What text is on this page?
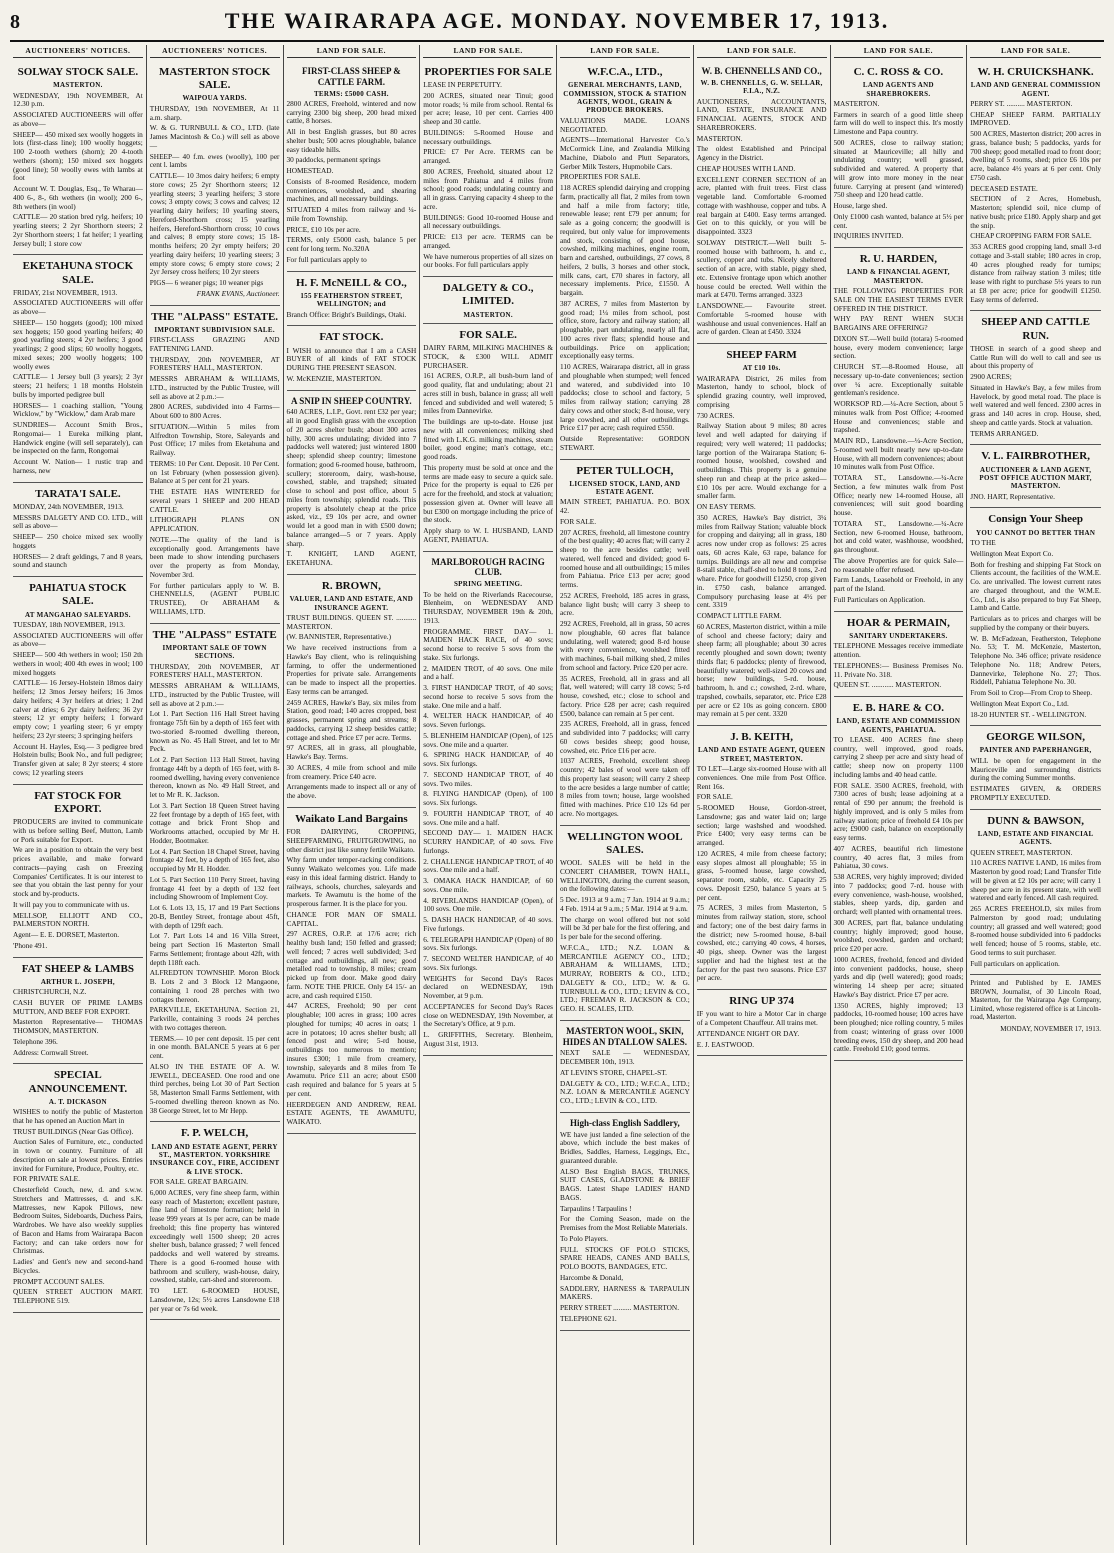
8	THE WAIRARAPA AGE. MONDAY. NOVEMBER 17, 1913.
AUCTIONEERS' NOTICES.
SOLWAY STOCK SALE.
MASTERTON.

WEDNESDAY, 19th NOVEMBER, At 12.30 p.m.

ASSOCIATED AUCTIONEERS will offer as above—

SHEEP— 450 mixed sex woolly hoggets in lots (first-class line); 100 woolly hoggets; 100 2-tooth wethers (shorn); 20 4-tooth wethers (shorn); 150 mixed sex hoggets (good line); 50 woolly ewes with lambs at foot

Account W. T. Douglas, Esq., Te Wharau— 400 6-, 8-, 6th wethers (in wool); 200 6-, 8th wethers (in wool)

CATTLE— 20 station bred rylg. heifers; 10 yearling steers; 2 2yr Shorthorn steers; 2 2yr Shorthorn steers; 1 fat heifer; 1 yearling Jersey bull; 1 store cow

EKETAHUNA STOCK SALE.

FRIDAY, 21st NOVEMBER, 1913.

ASSOCIATED AUCTIONEERS will offer as above—

SHEEP— 150 hoggets (good); 100 mixed sex hoggets; 150 good yearling heifers; 40 good yearling steers; 4 2yr heifers; 3 good yearlings; 2 good slips; 60 woolly hoggets, mixed sexes; 200 woolly hoggets; 100 woolly ewes

CATTLE— 1 Jersey bull (3 years); 2 3yr steers; 21 heifers; 1 18 months Holstein bulls by imported pedigree bull

HORSES— 1 coaching stallion, "Young Wicklow," by "Wicklow," dam Arab mare

SUNDRIES— Account Smith Bros., Rongomai— 1 Eureka milking plant, Handwick engine (will sell separately), can be inspected on the farm, Rongomai

Account W. Nation— 1 rustic trap and harness, new

TARATA'I SALE.

MONDAY, 24th NOVEMBER, 1913.

MESSRS DALGETY AND CO. LTD., will sell as above—

SHEEP— 250 choice mixed sex woolly hoggets

HORSES— 2 draft geldings, 7 and 8 years, sound and staunch

PAHIATUA STOCK SALE.
AT MANGAHAO SALEYARDS.

TUESDAY, 18th NOVEMBER, 1913.

ASSOCIATED AUCTIONEERS will offer as above—

SHEEP— 500 4th wethers in wool; 150 2th wethers in wool; 400 4th ewes in wool; 100 mixed hoggets

CATTLE— 16 Jersey-Holstein 18mos dairy heifers; 12 3mos Jersey heifers; 16 3mos dairy heifers; 4 3yr heifers at dries; 1 2nd calver at dries; 6 2yr dairy heifers; 36 2yr steers; 12 yr empty heifers; 1 forward empty cow; 1 yearling steer; 6 yr empty heifers; 23 2yr steers; 3 springing heifers

Account H. Hayles, Esq.— 3 pedigree bred Holstein bulls; Book No., and full pedigree; Transfer given at sale; 8 2yr steers; 4 store cows; 12 yearling steers

FAT STOCK FOR EXPORT.

PRODUCERS are invited to communicate with us before selling Beef, Mutton, Lamb or Pork suitable for Export.

We are in a position to obtain the very best prices available, and make forward contracts—paying cash on Freezing Companies' Certificates. It is our interest to see that you obtain the last penny for your stock and by-products.

It will pay you to communicate with us.

MELLSOP, ELLIOTT AND CO., PALMERSTON NORTH.

Agent— E. E. DORSET, Masterton.

'Phone 491.

FAT SHEEP & LAMBS
ARTHUR L. JOSEPH,

CHRISTCHURCH, N.Z.

CASH BUYER OF PRIME LAMBS MUTTON, AND BEEF FOR EXPORT.

Masterton Representative— THOMAS THOMSON, MASTERTON.

Telephone 396.

Address: Cornwall Street.

SPECIAL ANNOUNCEMENT.
A. T. DICKASON

WISHES to notify the public of Masterton that he has opened an Auction Mart in

TRUST BUILDINGS (Near Gas Office).

Auction Sales of Furniture, etc., conducted in town or country. Furniture of all description on sale at lowest prices. Entries invited for Furniture, Produce, Poultry, etc.

FOR PRIVATE SALE.

Chesterfield Couch, new, d. and s.w.w. Stretchers and Mattresses, d. and s.K. Mattresses, new Kapok Pillows, new Bedroom Suites, Sideboards, Duchess Pairs, Wardrobes. We have also weekly supplies of Bacon and Hams from Wairarapa Bacon Factory; and can take orders now for Christmas.

Ladies' and Gent's new and second-hand Bicycles.

PROMPT ACCOUNT SALES.

QUEEN STREET AUCTION MART. TELEPHONE 519.

AUCTIONEERS' NOTICES.
MASTERTON STOCK SALE.
WAIPOUA YARDS.

THURSDAY, 19th NOVEMBER, At 11 a.m. sharp.

W. & G. TURNBULL & CO., LTD. (late James Macintosh & Co.) will sell as above—

SHEEP— 40 f.m. ewes (woolly), 100 per cent l. lambs

CATTLE— 10 3mos dairy heifers; 6 empty store cows; 25 2yr Shorthorn steers; 12 yearling steers; 3 yearling heifers; 3 store cows; 3 empty cows; 3 cows and calves; 12 yearling dairy heifers; 10 yearling steers, Hereford-Shorthorn cross; 15 yearling heifers, Hereford-Shorthorn cross; 10 cows and calves; 8 empty store cows; 15 18-months heifers; 20 2yr empty heifers; 20 yearling dairy heifers; 10 yearling steers; 3 empty store cows; 6 empty store cows; 2 2yr Jersey cross heifers; 10 2yr steers

PIGS— 6 weaner pigs; 10 weaner pigs

FRANK EVANS, Auctioneer.

THE "ALPASS" ESTATE.
IMPORTANT SUBDIVISION SALE.

FIRST-CLASS GRAZING AND FATTENING LAND.

THURSDAY, 20th NOVEMBER, AT FORESTERS' HALL, MASTERTON.

MESSRS ABRAHAM & WILLIAMS, LTD., instructed by the Public Trustee, will sell as above at 2 p.m.:—

2800 ACRES, subdivided into 4 Farms—About 600 to 800 Acres.

SITUATION.—Within 5 miles from Alfredton Township, Store, Saleyards and Post Office; 17 miles from Eketahuna and Railway.

TERMS: 10 Per Cent. Deposit. 10 Per Cent. on 1st February (when possession given). Balance at 5 per cent for 21 years.

THE ESTATE HAS WINTERED for several years 1 SHEEP and 200 HEAD CATTLE.

LITHOGRAPH PLANS ON APPLICATION.

NOTE.—The quality of the land is exceptionally good. Arrangements have been made to show intending purchasers over the property as from Monday, November 3rd.

For further particulars apply to W. B. CHENNELLS, (AGENT PUBLIC TRUSTEE), Or ABRAHAM & WILLIAMS, LTD.

THE "ALPASS" ESTATE
IMPORTANT SALE OF TOWN SECTIONS.

THURSDAY, 20th NOVEMBER, AT FORESTERS' HALL, MASTERTON.

MESSRS ABRAHAM & WILLIAMS, LTD., instructed by the Public Trustee, will sell as above at 2 p.m.:—

Lot 1. Part Section 116 Hall Street having frontage 75ft 6in by a depth of 165 feet with two-storied 8-roomed dwelling thereon, known as No. 45 Hall Street, and let to Mr Peck.

Lot 2. Part Section 113 Hall Street, having frontage 44ft by a depth of 165 feet, with 8-roomed dwelling, having every convenience thereon, known as No. 49 Hall Street, and let to Mr R. K. Jackson.

Lot 3. Part Section 18 Queen Street having 22 feet frontage by a depth of 165 feet, with cottage and brick Front Shop and Workrooms attached, occupied by Mr H. Hodder, Bootmaker.

Lot 4. Part Section 18 Chapel Street, having frontage 42 feet, by a depth of 165 feet, also occupied by Mr H. Hodder.

Lot 5. Part Section 110 Perry Street, having frontage 41 feet by a depth of 132 feet including Showroom of Implement Coy.

Lot 6. Lots 13, 15, 17 and 19 Part Sections 20-B, Bentley Street, frontage about 45ft, with depth of 129ft each.

Lot 7. Part Lots 14 and 16 Villa Street, being part Section 16 Masterton Small Farms Settlement; frontage about 42ft, with depth 118ft each.

ALFREDTON TOWNSHIP. Moron Block B. Lots 2 and 3 Block 12 Mangaone, containing 1 rood 28 perches with two cottages thereon.

PARKVILLE, EKETAHUNA. Section 21, Parkville, containing 3 roods 24 perches with two cottages thereon.

TERMS.— 10 per cent deposit. 15 per cent in one month. BALANCE 5 years at 6 per cent.

ALSO IN THE ESTATE OF A. W. JEWELL, DECEASED. One rood and one third perches, being Lot 30 of Part Section 58, Masterton Small Farms Settlement, with 5-roomed dwelling thereon known as No. 38 George Street, let to Mr Hepp.

F. P. WELCH,
LAND AND ESTATE AGENT, PERRY ST., MASTERTON. YORKSHIRE INSURANCE COY., FIRE, ACCIDENT & LIVE STOCK.

FOR SALE. GREAT BARGAIN.

6,000 ACRES, very fine sheep farm, within easy reach of Masterton; excellent pasture, fine land of limestone formation; held in lease 999 years at 1s per acre, can be made freehold; this fine property has wintered exceedingly well 1500 sheep; 20 acres shelter bush, balance grassed; 7 well fenced paddocks and well watered by streams. There is a good 6-roomed house with bathroom and scullery, wash-house, dairy, cowshed, stable, cart-shed and storeroom.

TO LET. 6-ROOMED HOUSE, Lansdowne, 12s; 5½ acres Lansdowne £18 per year or 7s 6d week.

LAND FOR SALE.
FIRST-CLASS SHEEP & CATTLE FARM.
TERMS: £5000 CASH.

2800 ACRES, Freehold, wintered and now carrying 2300 big sheep, 200 head mixed cattle, 8 horses.

All in best English grasses, but 80 acres shelter bush; 500 acres ploughable, balance easy tideable hills.

30 paddocks, permanent springs

HOMESTEAD.

Consists of 8-roomed Residence, modern conveniences, woolshed, and shearing machines, and all necessary buildings.

SITUATED 4 miles from railway and ¼-mile from Township.

PRICE, £10 10s per acre.

TERMS, only £5000 cash, balance 5 per cent for long term. No.320A

For full particulars apply to

H. F. McNEILL & CO.,
155 FEATHERSTON STREET, WELLINGTON; and

Branch Office: Bright's Buildings, Otaki.

FAT STOCK.

I WISH to announce that I am a CASH BUYER of all kinds of FAT STOCK DURING THE PRESENT SEASON.

W. McKENZIE, MASTERTON.

A SNIP IN SHEEP COUNTRY.

640 ACRES, L.I.P., Govt. rent £32 per year; all in good English grass with the exception of 20 acres shelter bush; about 300 acres hilly, 300 acres undulating; divided into 7 paddocks well watered; just wintered 1800 sheep; splendid sheep country; limestone formation; good 6-roomed house, bathroom, scullery; storeroom, dairy, wash-house, cowshed, stable, and trapshed; situated close to school and post office, about 5 miles from township; splendid roads. This property is absolutely cheap at the price asked, viz., £9 10s per acre, and owner would let a good man in with £500 down; balance arranged—5 or 7 years. Apply sharp.

T. KNIGHT, LAND AGENT, EKETAHUNA.

R. BROWN,
VALUER, LAND AND ESTATE, AND INSURANCE AGENT.

TRUST BUILDINGS. QUEEN ST. ........... MASTERTON.

(W. BANNISTER, Representative.)

We have received instructions from a Hawke's Bay client, who is relinquishing farming, to offer the undermentioned Properties for private sale. Arrangements can be made to inspect all the properties. Easy terms can be arranged.

2459 ACRES, Hawke's Bay, six miles from Station, good road; 140 acres cropped, best grasses, permanent spring and streams; 8 paddocks, carrying 12 sheep besides cattle; cottage and shed. Price £7 per acre. Terms.

97 ACRES, all in grass, all ploughable, Hawke's Bay. Terms.

30 ACRES, 4 mile from school and mile from creamery. Price £40 acre.

Arrangements made to inspect all or any of the above.

Waikato Land Bargains

FOR DAIRYING, CROPPING, SHEEPFARMING, FRUITGROWING, no other district just like sunny fertile Waikato.

Why farm under temper-racking conditions. Sunny Waikato welcomes you. Life made easy in this ideal farming district. Handy to railways, schools, churches, saleyards and markets. Te Awamutu is the home of the prosperous farmer. It is the place for you.

CHANCE FOR MAN OF SMALL CAPITAL.

297 ACRES, O.R.P. at 17/6 acre; rich healthy bush land; 150 felled and grassed; well fenced; 7 acres well subdivided; 3-rd cottage and outbuildings, all new; good metalled road to township, 8 miles; cream picked up from door. Make good dairy farm. NOTE THE PRICE. Only £4 15/- an acre, and cash required £150.

447 ACRES, Freehold; 90 per cent ploughable; 100 acres in grass; 100 acres ploughed for turnips; 40 acres in oats; 1 acre in potatoes; 10 acres shelter bush; all fenced post and wire; 5-rd house, outbuildings too numerous to mention; insures £300; 1 mile from creamery, township, saleyards and 8 miles from Te Awamutu. Price £11 an acre; about £500 cash required and balance for 5 years at 5 per cent.

HEERDEGEN AND ANDREW, REAL ESTATE AGENTS, TE AWAMUTU, WAIKATO.

LAND FOR SALE.
PROPERTIES FOR SALE

LEASE IN PERPETUITY.

200 ACRES, situated near Tinui; good motor roads; ¼ mile from school. Rental 6s per acre; lease, 10 per cent. Carries 400 sheep and 30 cattle.

BUILDINGS: 5-Roomed House and necessary outbuildings.

PRICE: £7 Per Acre. TERMS can be arranged.

800 ACRES, Freehold, situated about 12 miles from Pahiatua and 4 miles from school; good roads; undulating country and all in grass. Carrying capacity 4 sheep to the acre.

BUILDINGS: Good 10-roomed House and all necessary outbuildings.

PRICE: £13 per acre. TERMS can be arranged.

We have numerous properties of all sizes on our books. For full particulars apply

DALGETY & CO., LIMITED.
MASTERTON.
FOR SALE.

DAIRY FARM, MILKING MACHINES & STOCK, & £300 WILL ADMIT PURCHASER.

161 ACRES, O.R.P., all bush-burn land of good quality, flat and undulating; about 21 acres still in bush, balance in grass; all well fenced and subdivided and well watered; 5 miles from Dannevirke.

The buildings are up-to-date. House just new with all conveniences; milking shed fitted with L.K.G. milking machines, steam boiler, good engine; man's cottage, etc.; good roads.

This property must be sold at once and the terms are made easy to secure a quick sale. Price for the property is equal to £26 per acre for the freehold, and stock at valuation; possession given at. Owner will leave all but £300 on mortgage including the price of the stock.

Apply sharp to W. I. HUSBAND, LAND AGENT, PAHIATUA.

MARLBOROUGH RACING CLUB.
SPRING MEETING.

To be held on the Riverlands Racecourse, Blenheim, on WEDNESDAY AND THURSDAY, NOVEMBER 19th & 20th, 1913.

PROGRAMME. FIRST DAY— 1. MAIDEN HACK RACE, of 40 sovs; second horse to receive 5 sovs from the stake. Six furlongs.

2. MAIDEN TROT, of 40 sovs. One mile and a half.

3. FIRST HANDICAP TROT, of 40 sovs; second horse to receive 5 sovs from the stake. One mile and a half.

4. WELTER HACK HANDICAP, of 40 sovs. Seven furlongs.

5. BLENHEIM HANDICAP (Open), of 125 sovs. One mile and a quarter.

6. SPRING HACK HANDICAP, of 40 sovs. Six furlongs.

7. SECOND HANDICAP TROT, of 40 sovs. Two miles.

8. FLYING HANDICAP (Open), of 100 sovs. Six furlongs.

9. FOURTH HANDICAP TROT, of 40 sovs. One mile and a half.

SECOND DAY— 1. MAIDEN HACK SCURRY HANDICAP, of 40 sovs. Five furlongs.

2. CHALLENGE HANDICAP TROT, of 40 sovs. One mile and a half.

3. OMAKA HACK HANDICAP, of 60 sovs. One mile.

4. RIVERLANDS HANDICAP (Open), of 100 sovs. One mile.

5. DASH HACK HANDICAP, of 40 sovs. Five furlongs.

6. TELEGRAPH HANDICAP (Open) of 80 sovs. Six furlongs.

7. SECOND WELTER HANDICAP, of 40 sovs. Six furlongs.

WEIGHTS for Second Day's Races declared on WEDNESDAY, 19th November, at 9 p.m.

ACCEPTANCES for Second Day's Races close on WEDNESDAY, 19th November, at the Secretary's Office, at 9 p.m.

L. GRIFFITHS, Secretary. Blenheim, August 31st, 1913.

LAND FOR SALE.
W.F.C.A., LTD.,
GENERAL MERCHANTS, LAND, COMMISSION, STOCK & STATION AGENTS, WOOL, GRAIN & PRODUCE BROKERS.

VALUATIONS MADE. LOANS NEGOTIATED.

AGENTS—International Harvester Co.'s McCormick Line, and Zealandia Milking Machine, Diabolo and Plutt Separators, Gerber Milk Testers, Hupmobile Cars.

PROPERTIES FOR SALE.

118 ACRES splendid dairying and cropping farm, practically all flat, 2 miles from town and half a mile from factory; title, renewable lease; rent £79 per annum; for sale as a going concern; the goodwill is required, but only value for improvements and stock, consisting of good house, cowshed, milking machines, engine room, barn and cartshed, outbuildings, 27 cows, 8 heifers, 2 bulls, 3 horses and other stock, milk cans, cart, £70 shares in factory, all necessary implements. Price, £1550. A bargain.

387 ACRES, 7 miles from Masterton by good road; 1¼ miles from school, post office, store, factory and railway station; all ploughable, part undulating, nearly all flat, 100 acres river flats; splendid house and outbuildings. Price on application; exceptionally easy terms.

110 ACRES, Wairarapa district, all in grass and ploughable when stumped; well fenced and watered, and subdivided into 10 paddocks; close to school and factory, 5 miles from railway station; carrying 28 dairy cows and other stock; 8-rd house, very large cowshed, and all other outbuildings. Price £17 per acre; cash required £550.

Outside Representative: GORDON STEWART.

PETER TULLOCH,
LICENSED STOCK, LAND, AND ESTATE AGENT.

MAIN STREET, PAHIATUA. P.O. BOX 42.

FOR SALE.

207 ACRES, freehold, all limestone country of the best quality; 40 acres flat; will carry 2 sheep to the acre besides cattle; well watered, well fenced and divided; good 6-roomed house and all outbuildings; 15 miles from Pahiatua. Price £13 per acre; good terms.

252 ACRES, Freehold, 185 acres in grass, balance light bush; will carry 3 sheep to acre.

292 ACRES, Freehold, all in grass, 50 acres now ploughable, 60 acres flat balance undulating, well watered; good 8-rd house with every convenience, woolshed fitted with machines, 6-bail milking shed, 2 miles from school and factory. Price £20 per acre.

35 ACRES, Freehold, all in grass and all flat, well watered; will carry 18 cows; 5-rd house, cowshed, etc.; close to school and factory. Price £28 per acre; cash required £500, balance can remain at 5 per cent.

235 ACRES, Freehold, all in grass, fenced and subdivided into 7 paddocks; will carry 60 cows besides sheep; good house, cowshed, etc. Price £16 per acre.

1037 ACRES, Freehold, excellent sheep country; 42 bales of wool were taken off this property last season; will carry 2 sheep to the acre besides a large number of cattle; 8 miles from town; house, large woolshed fitted with machines. Price £10 12s 6d per acre. No mortgages.

WELLINGTON WOOL SALES.

WOOL SALES will be held in the CONCERT CHAMBER, TOWN HALL, WELLINGTON, during the current season, on the following dates:—

5 Dec. 1913 at 9 a.m.; 7 Jan. 1914 at 9 a.m.; 4 Feb. 1914 at 9 a.m.; 5 Mar. 1914 at 9 a.m.

The charge on wool offered but not sold will be 3d per bale for the first offering, and 1s per bale for the second offering.

W.F.C.A., LTD.; N.Z. LOAN & MERCANTILE AGENCY CO., LTD.; ABRAHAM & WILLIAMS, LTD.; MURRAY, ROBERTS & CO., LTD.; DALGETY & CO., LTD.; W. & G. TURNBULL & CO., LTD.; LEVIN & CO., LTD.; FREEMAN R. JACKSON & CO.; GEO. H. SCALES, LTD.

MASTERTON WOOL, SKIN, HIDES AN DTALLOW SALES.

NEXT SALE — WEDNESDAY, DECEMBER 10th, 1913.

AT LEVIN'S STORE, CHAPEL-ST.

DALGETY & CO., LTD.; W.F.C.A., LTD.; N.Z. LOAN & MERCANTILE AGENCY CO., LTD.; LEVIN & CO., LTD.

High-class English Saddlery,

WE have just landed a fine selection of the above, which include the best makes of Bridles, Saddles, Harness, Leggings, Etc., guaranteed durable.

ALSO Best English BAGS, TRUNKS, SUIT CASES, GLADSTONE & BRIEF BAGS. Latest Shape LADIES' HAND BAGS.

Tarpaulins ! Tarpaulins !

For the Coming Season, made on the Premises from the Most Reliable Materials.

To Polo Players.

FULL STOCKS OF POLO STICKS, SPARE HEADS, CANES AND BALLS, POLO BOOTS, BANDAGES, ETC.

Harcombe & Donald,

SADDLERY, HARNESS & TARPAULIN MAKERS.

PERRY STREET .......... MASTERTON.

TELEPHONE 621.

LAND FOR SALE.
W. B. CHENNELLS AND CO.,
W. B. CHENNELLS, G. W. SELLAR, F.I.A., N.Z.

AUCTIONEERS, ACCOUNTANTS, LAND, ESTATE, INSURANCE AND FINANCIAL AGENTS, STOCK AND SHAREBROKERS.

MASTERTON.

The oldest Established and Principal Agency in the District.

CHEAP HOUSES WITH LAND.

EXCELLENT CORNER SECTION of an acre, planted with fruit trees. First class vegetable land. Comfortable 6-roomed cottage with washhouse, copper and tubs. A real bargain at £400. Easy terms arranged. Get on to this quickly, or you will be disappointed. 3323

SOLWAY DISTRICT.—Well built 5-roomed house with bathroom, h. and c., scullery, copper and tubs. Nicely sheltered section of an acre, with stable, piggy shed, etc. Extensive frontage upon which another house could be erected. Well within the mark at £470. Terms arranged. 3323

LANSDOWNE.— Favourite street. Comfortable 5-roomed house with washhouse and usual conveniences. Half an acre of garden. Clean at £450. 3324

SHEEP FARM
AT £10 10s.

WAIRARAPA District, 26 miles from Masterton, handy to school, block of splendid grazing country, well improved, comprising

730 ACRES.

Railway Station about 9 miles; 80 acres level and well adapted for dairying if required; very well watered; 11 paddocks; large portion of the Wairarapa Station; 6-roomed house, woolshed, cowshed and outbuildings. This property is a genuine sheep run and cheap at the price asked—£10 10s per acre. Would exchange for a smaller farm.

ON EASY TERMS.

350 ACRES, Hawke's Bay district, 3¼ miles from Railway Station; valuable block for cropping and dairying; all in grass, 180 acres now under crop as follows: 25 acres oats, 60 acres Kale, 63 rape, balance for turnips. Buildings are all new and comprise 8-stall stable, chaff-shed to hold 8 tons, 2-rd whare. Price for goodwill £1250, crop given in. £750 cash, balance arranged. Compulsory purchasing lease at 4½ per cent. 3319

COMPACT LITTLE FARM.

60 ACRES, Masterton district, within a mile of school and cheese factory; dairy and sheep farm; all ploughable; about 30 acres recently ploughed and sown down; twenty thirds flat; 6 paddocks; plenty of firewood, beautifully watered; well-sized 20 cows and horse; new buildings, 5-rd. house, bathroom, h. and c.; cowshed, 2-rd. whare, trapshed, cowbails, separator, etc. Price £28 per acre or £2 10s as going concern. £800 may remain at 5 per cent. 3320

J. B. KEITH,
LAND AND ESTATE AGENT, QUEEN STREET, MASTERTON.

TO LET—Large six-roomed House with all conveniences. One mile from Post Office. Rent 16s.

FOR SALE.

5-ROOMED House, Gordon-street, Lansdowne; gas and water laid on; large section; large washshed and woodshed. Price £400; very easy terms can be arranged.

120 ACRES, 4 mile from cheese factory; easy slopes almost all ploughable; 55 in grass, 5-roomed house, large cowshed, separator room, stable, etc. Capacity 25 cows. Deposit £250, balance 5 years at 5 per cent.

75 ACRES, 3 miles from Masterton, 5 minutes from railway station, store, school and factory; one of the best dairy farms in the district; new 5-roomed house, 8-bail cowshed, etc.; carrying 40 cows, 4 horses, 40 pigs, sheep. Owner was the largest supplier and had the highest test at the factory for the past two seasons. Price £37 per acre.

RING UP 374

IF you want to hire a Motor Car in charge of a Competent Chauffeur. All trains met.

ATTENDANCE NIGHT OR DAY.

E. J. EASTWOOD.

LAND FOR SALE.
C. C. ROSS & CO.
LAND AGENTS AND SHAREBROKERS.

MASTERTON.

Farmers in search of a good little sheep farm will do well to inspect this. It's mostly Limestone and Papa country.

500 ACRES, close to railway station; situated at Mauriceville; all hilly and undulating country; well grassed, subdivided and watered. A property that will grow into more money in the near future. Carrying at present (and wintered) 750 sheep and 120 head cattle.

House, large shed.

Only £1000 cash wanted, balance at 5½ per cent.

INQUIRIES INVITED.

R. U. HARDEN,
LAND & FINANCIAL AGENT, MASTERTON.

THE FOLLOWING PROPERTIES FOR SALE ON THE EASIEST TERMS EVER OFFERED IN THE DISTRICT.

WHY PAY RENT WHEN SUCH BARGAINS ARE OFFERING?

DIXON ST.—Well build (totara) 5-roomed house, every modern convenience; large section.

CHURCH ST.—8-Roomed House, all necessary up-to-date conveniences; section over ¼ acre. Exceptionally suitable gentleman's residence.

WORKSOP RD.—¼-Acre Section, about 5 minutes walk from Post Office; 4-roomed House and conveniences; stable and trapshed.

MAIN RD., Lansdowne.—¼-Acre Section, 5-roomed well built nearly new up-to-date House, with all modern conveniences; about 10 minutes walk from Post Office.

TOTARA ST., Lansdowne.—¼-Acre Section, a few minutes walk from Post Office; nearly new 14-roomed House, all conveniences; will suit good boarding house.

TOTARA ST., Lansdowne.—¼-Acre Section, new 6-roomed House, bathroom, hot and cold water, washhouse, woodshed, gas throughout.

The above Properties are for quick Sale—no reasonable offer refused.

Farm Lands, Leasehold or Freehold, in any part of the Island.

Full Particulars on Application.

HOAR & PERMAIN,
SANITARY UNDERTAKERS.

TELEPHONE Messages receive immediate attention.

TELEPHONES:— Business Premises No. 11. Private No. 318.

QUEEN ST. ............ MASTERTON.

E. B. HARE & CO.
LAND, ESTATE AND COMMISSION AGENTS, PAHIATUA.

TO LEASE. 400 ACRES fine sheep country, well improved, good roads, carrying 2 sheep per acre and sixty head of cattle; sheep now on property 1100 including lambs and 40 head cattle.

FOR SALE. 3500 ACRES, freehold, with 7300 acres of bush; lease adjoining at a rental of £90 per annum; the freehold is highly improved, and is only 5 miles from railway station; price of freehold £4 10s per acre; £9000 cash, balance on exceptionally easy terms.

407 ACRES, beautiful rich limestone country, 40 acres flat, 3 miles from Pahiatua, 30 cows.

538 ACRES, very highly improved; divided into 7 paddocks; good 7-rd. house with every convenience, wash-house, woolshed, stables, sheep yards, dip, garden and orchard; well planted with ornamental trees.

300 ACRES, part flat, balance undulating country; highly improved; good house, woolshed, cowshed, garden and orchard; price £20 per acre.

1000 ACRES, freehold, fenced and divided into convenient paddocks, house, sheep yards and dip (well watered); good roads; wintering 14 sheep per acre; situated Hawke's Bay district. Price £7 per acre.

1350 ACRES, highly improved; 13 paddocks, 10-roomed house; 100 acres have been ploughed; nice rolling country, 5 miles from coast; wintering of grass over 1000 breeding ewes, 150 dry sheep, and 200 head cattle. Freehold £10; good terms.

LAND FOR SALE.
W. H. CRUICKSHANK.
LAND AND GENERAL COMMISSION AGENT.

PERRY ST. .......... MASTERTON.

CHEAP SHEEP FARM. PARTIALLY IMPROVED.

500 ACRES, Masterton district; 200 acres in grass, balance bush; 5 paddocks, yards for 700 sheep; good metalled road to front door; dwelling of 5 rooms, shed; price £6 10s per acre, balance 4½ years at 6 per cent. Only £750 cash.

DECEASED ESTATE.

SECTION of 2 Acres, Homebush, Masterton; splendid soil, nice clump of native bush; price £180. Apply sharp and get the snip.

CHEAP CROPPING FARM FOR SALE.

353 ACRES good cropping land, small 3-rd cottage and 3-stall stable; 180 acres in crop, 40 acres ploughed ready for turnips; distance from railway station 3 miles; title lease with right to purchase 5½ years to run at £8 per acre; price for goodwill £1250. Easy terms of deferred.

SHEEP AND CATTLE RUN.

THOSE in search of a good sheep and Cattle Run will do well to call and see us about this property of

2900 ACRES;

Situated in Hawke's Bay, a few miles from Havelock, by good metal road. The place is well watered and well fenced. 2300 acres in grass and 140 acres in crop. House, shed, sheep and cattle yards. Stock at valuation.

TERMS ARRANGED.

V. L. FAIRBROTHER,
AUCTIONEER & LAND AGENT, POST OFFICE AUCTION MART, MASTERTON.

JNO. HART, Representative.

Consign Your Sheep
YOU CANNOT DO BETTER THAN

TO THE

Wellington Meat Export Co.

Both for freshing and shipping Fat Stock on Clients account, the facilities of the W.M.E. Co. are unrivalled. The lowest current rates are charged throughout, and the W.M.E. Co., Ltd., is also prepared to buy Fat Sheep, Lamb and Cattle.

Particulars as to prices and charges will be supplied by the company or their buyers.

W. B. McFadzean, Featherston, Telephone No. 53; T. M. McKenzie, Masterton, Telephone No. 346 office; private residence Telephone No. 118; Andrew Peters, Dannevirke, Telephone No. 27; Thos. Riddell, Pahiatua Telephone No. 30.

From Soil to Crop—From Crop to Sheep.

Wellington Meat Export Co., Ltd.

18-20 HUNTER ST. - WELLINGTON.

GEORGE WILSON,
PAINTER AND PAPERHANGER,

WILL be open for engagement in the Mauriceville and surrounding districts during the coming Summer months.

ESTIMATES GIVEN, & ORDERS PROMPTLY EXECUTED.

DUNN & BAWSON,
LAND, ESTATE AND FINANCIAL AGENTS.

QUEEN STREET, MASTERTON.

110 ACRES NATIVE LAND, 16 miles from Masterton by good road; Land Transfer Title will be given at £2 10s per acre; will carry 1 sheep per acre in its present state, with well watered and early fenced. All cash required.

265 ACRES FREEHOLD, six miles from Palmerston by good road; undulating country; all grassed and well watered; good 8-roomed house subdivided into 6 paddocks well fenced; house of 5 rooms, stable, etc. Good terms to suit purchaser.

Full particulars on application.

Printed and Published by E. JAMES BROWN, Journalist, of 30 Lincoln Road, Masterton, for the Wairarapa Age Company, Limited, whose registered office is at Lincoln-road, Masterton.

MONDAY, NOVEMBER 17, 1913.
